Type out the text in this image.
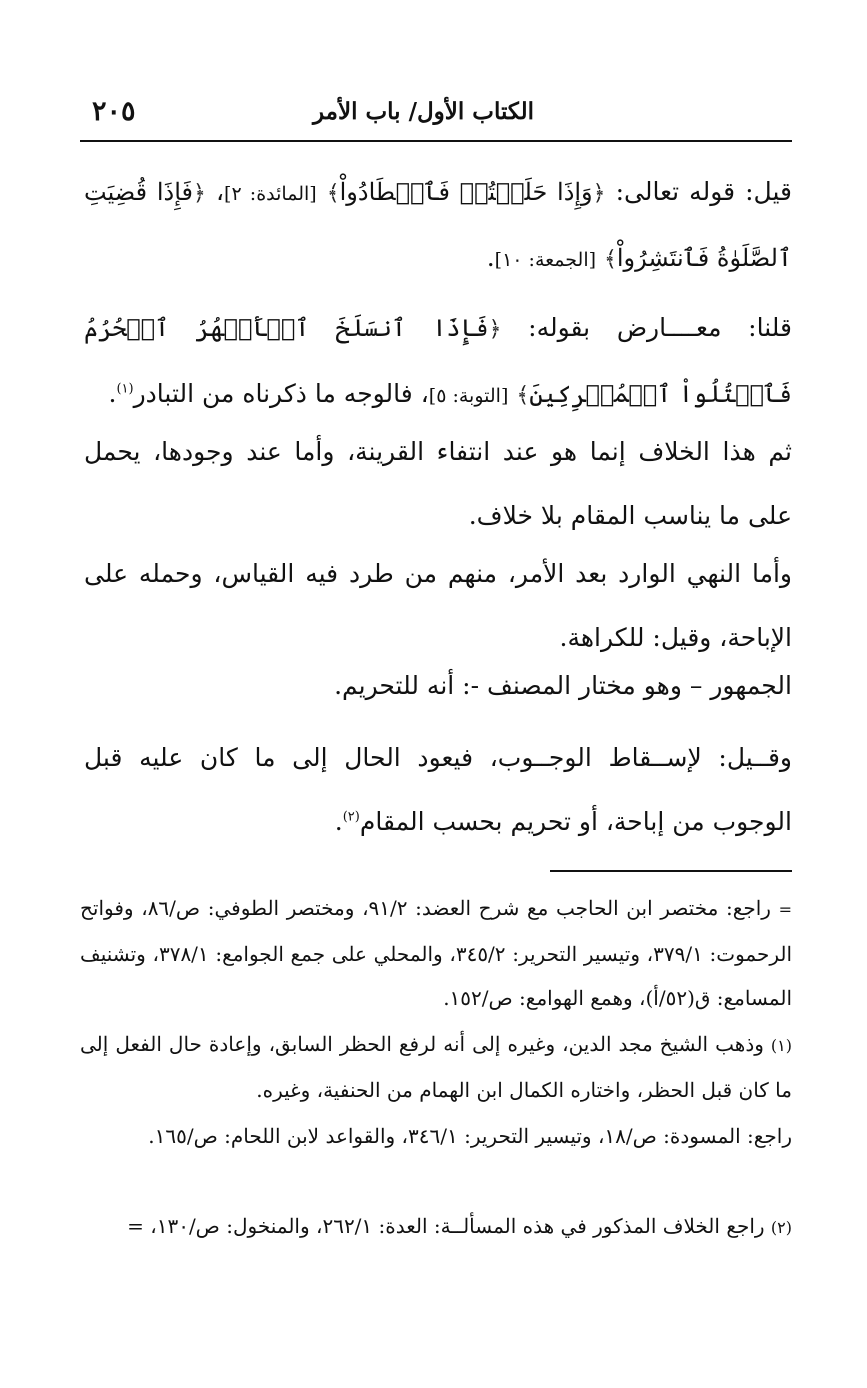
٢٠٥	الكتاب الأول/ باب الأمر

قيل: قوله تعالى: ﴿وَإِذَا حَلَلۡتُمۡ فَٱصۡطَادُواْ﴾ [المائدة: ٢]، ﴿فَإِذَا قُضِيَتِ ٱلصَّلَوٰةُ فَٱنتَشِرُواْ﴾ [الجمعة: ١٠].

قلنا: معــــارض بقوله: ﴿فَإِذَا ٱنسَلَخَ ٱلۡأَشۡهُرُ ٱلۡحُرُمُ فَٱقۡتُلُواْ ٱلۡمُشۡرِكِينَ﴾ [التوبة: ٥]، فالوجه ما ذكرناه من التبادر$^{(١)}$.

ثم هذا الخلاف إنما هو عند انتفاء القرينة، وأما عند وجودها، يحمل على ما يناسب المقام بلا خلاف.

وأما النهي الوارد بعد الأمر، منهم من طرد فيه القياس، وحمله على الإباحة، وقيل: للكراهة.

الجمهور – وهو مختار المصنف -: أنه للتحريم.

وقــيل: لإســقاط الوجــوب، فيعود الحال إلى ما كان عليه قبل الوجوب من إباحة، أو تحريم بحسب المقام$^{(٢)}$.

= راجع: مختصر ابن الحاجب مع شرح العضد: ٩١/٢، ومختصر الطوفي: ص/٨٦، وفواتح الرحموت: ٣٧٩/١، وتيسير التحرير: ٣٤٥/٢، والمحلي على جمع الجوامع: ٣٧٨/١، وتشنيف المسامع: ق(٥٢/أ)، وهمع الهوامع: ص/١٥٢.

(١) وذهب الشيخ مجد الدين، وغيره إلى أنه لرفع الحظر السابق، وإعادة حال الفعل إلى ما كان قبل الحظر، واختاره الكمال ابن الهمام من الحنفية، وغيره.

راجع: المسودة: ص/١٨، وتيسير التحرير: ٣٤٦/١، والقواعد لابن اللحام: ص/١٦٥.

(٢) راجع الخلاف المذكور في هذه المسألــة: العدة: ٢٦٢/١، والمنخول: ص/١٣٠، =
